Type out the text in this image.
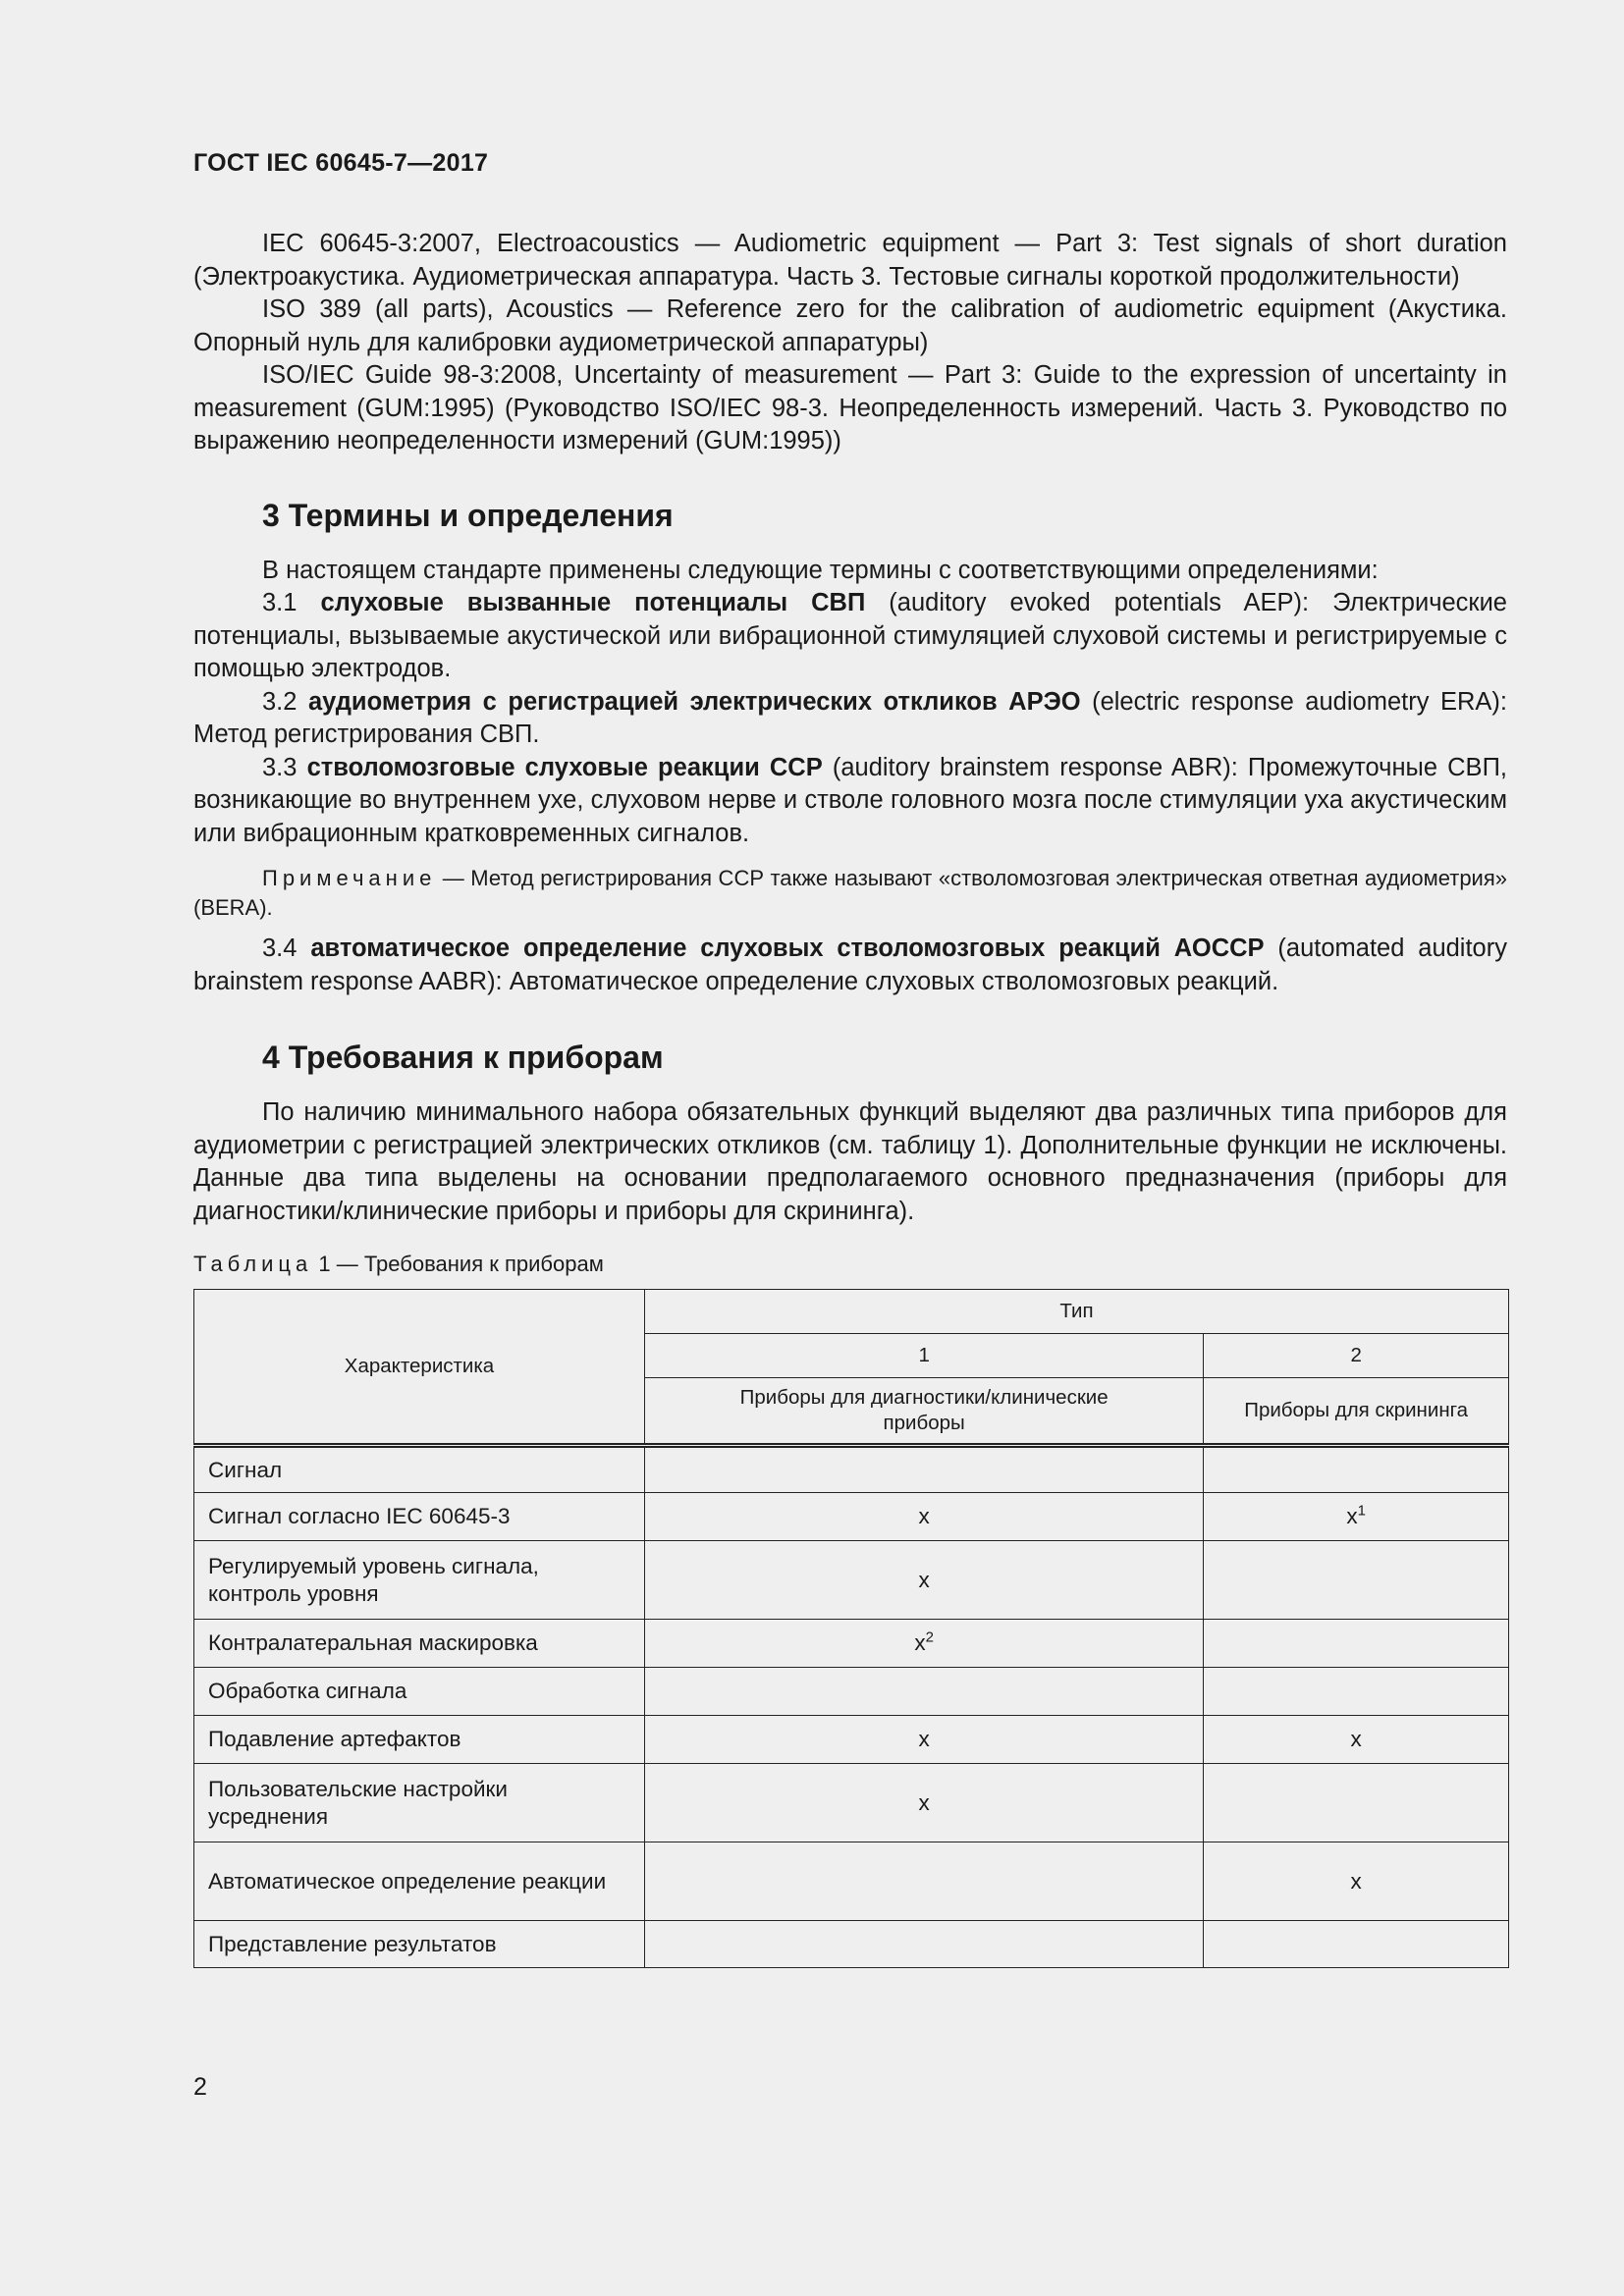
ГОСТ IEC 60645-7—2017

IEC 60645-3:2007, Electroacoustics — Audiometric equipment — Part 3: Test signals of short duration (Электроакустика. Аудиометрическая аппаратура. Часть 3. Тестовые сигналы короткой продолжительности)

ISO 389 (all parts), Acoustics — Reference zero for the calibration of audiometric equipment (Акустика. Опорный нуль для калибровки аудиометрической аппаратуры)

ISO/IEC Guide 98-3:2008, Uncertainty of measurement — Part 3: Guide to the expression of uncertainty in measurement (GUM:1995) (Руководство ISO/IEC 98-3. Неопределенность измерений. Часть 3. Руководство по выражению неопределенности измерений (GUM:1995))

3 Термины и определения

В настоящем стандарте применены следующие термины с соответствующими определениями:

3.1 слуховые вызванные потенциалы СВП (auditory evoked potentials AEP): Электрические потенциалы, вызываемые акустической или вибрационной стимуляцией слуховой системы и регистрируемые с помощью электродов.

3.2 аудиометрия с регистрацией электрических откликов АРЭО (electric response audiometry ERA): Метод регистрирования СВП.

3.3 стволомозговые слуховые реакции ССР (auditory brainstem response ABR): Промежуточные СВП, возникающие во внутреннем ухе, слуховом нерве и стволе головного мозга после стимуляции уха акустическим или вибрационным кратковременных сигналов.

Примечание — Метод регистрирования ССР также называют «стволомозговая электрическая ответная аудиометрия» (BERA).

3.4 автоматическое определение слуховых стволомозговых реакций АОССР (automated auditory brainstem response AABR): Автоматическое определение слуховых стволомозговых реакций.

4 Требования к приборам

По наличию минимального набора обязательных функций выделяют два различных типа приборов для аудиометрии с регистрацией электрических откликов (см. таблицу 1). Дополнительные функции не исключены. Данные два типа выделены на основании предполагаемого основного предназначения (приборы для диагностики/клинические приборы и приборы для скрининга).

Таблица 1 — Требования к приборам
Характеристика	Тип	
	1	2
	Приборы для диагностики/клинические приборы	Приборы для скрининга
Сигнал		
Сигнал согласно IEC 60645-3	x	$x^1$
Регулируемый уровень сигнала, контроль уровня	x	
Контралатеральная маскировка	$x^2$	
Обработка сигнала		
Подавление артефактов	x	x
Пользовательские настройки усреднения	x	
Автоматическое определение реакции		x
Представление результатов		
2
